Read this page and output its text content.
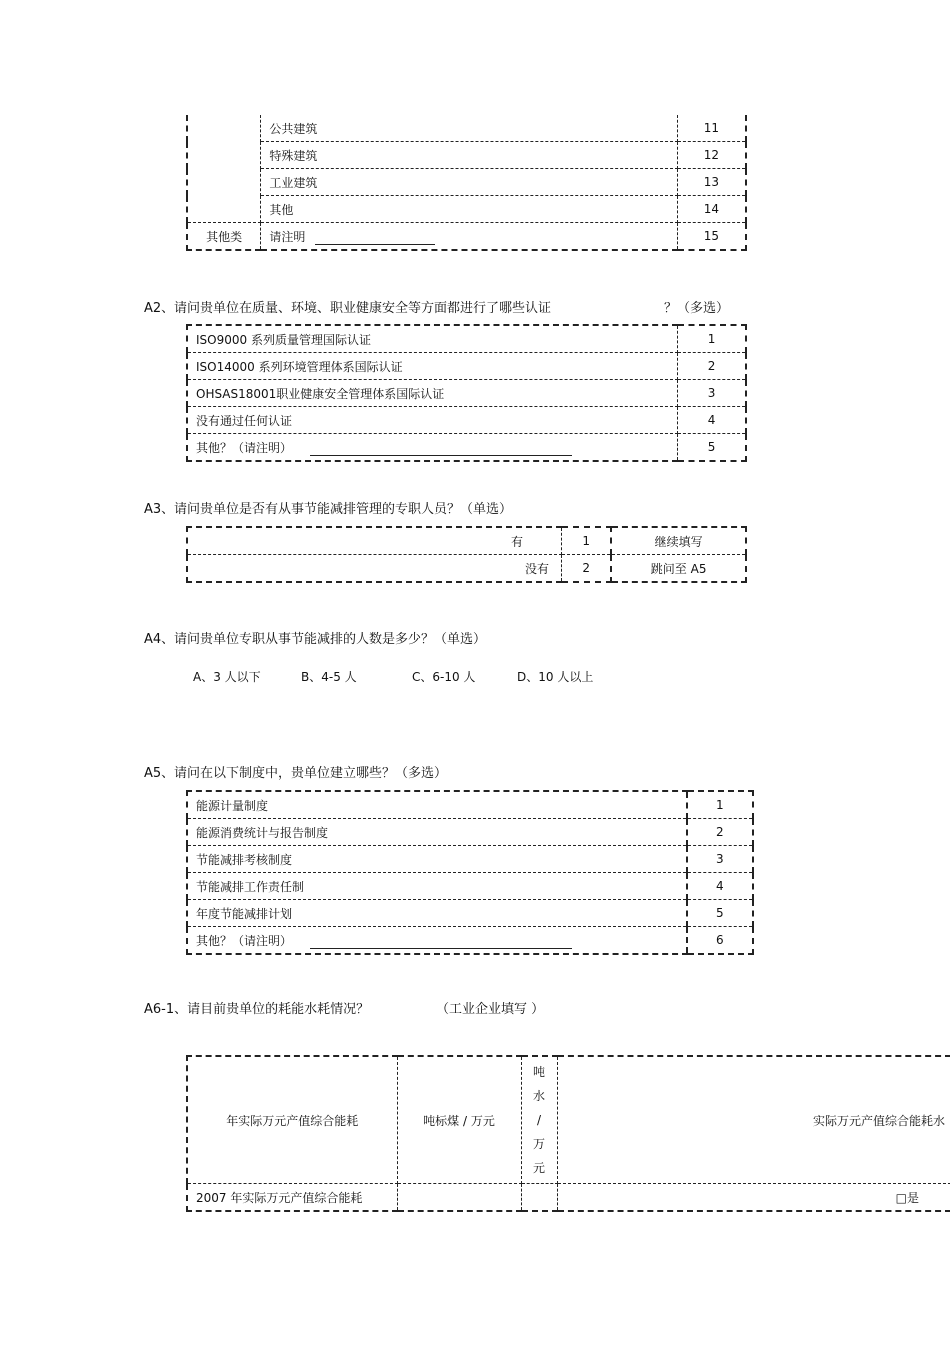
	公共建筑	11
	特殊建筑	12
	工业建筑	13
	其他	14
其他类	请注明	15
A2、请问贵单位在质量、环境、职业健康安全等方面都进行了哪些认证	？（多选）
ISO9000 系列质量管理国际认证	1
ISO14000 系列环境管理体系国际认证	2
OHSAS18001职业健康安全管理体系国际认证	3
没有通过任何认证	4
其他？（请注明）	5
A3、请问贵单位是否有从事节能减排管理的专职人员？（单选）
有	1	继续填写
没有	2	跳问至 A5
A4、请问贵单位专职从事节能减排的人数是多少？（单选）
A、3 人以下	B、4-5 人	C、6-10 人	D、10 人以上
A5、请问在以下制度中，贵单位建立哪些？（多选）
能源计量制度	1
能源消费统计与报告制度	2
节能减排考核制度	3
节能减排工作责任制	4
年度节能减排计划	5
其他？（请注明）	6
A6-1、请目前贵单位的耗能水耗情况？	（工业企业填写 ）
年实际万元产值综合能耗	吨标煤 / 万元	吨
水
/
万
元	实际万元产值综合能耗水
2007 年实际万元产值综合能耗			□是
